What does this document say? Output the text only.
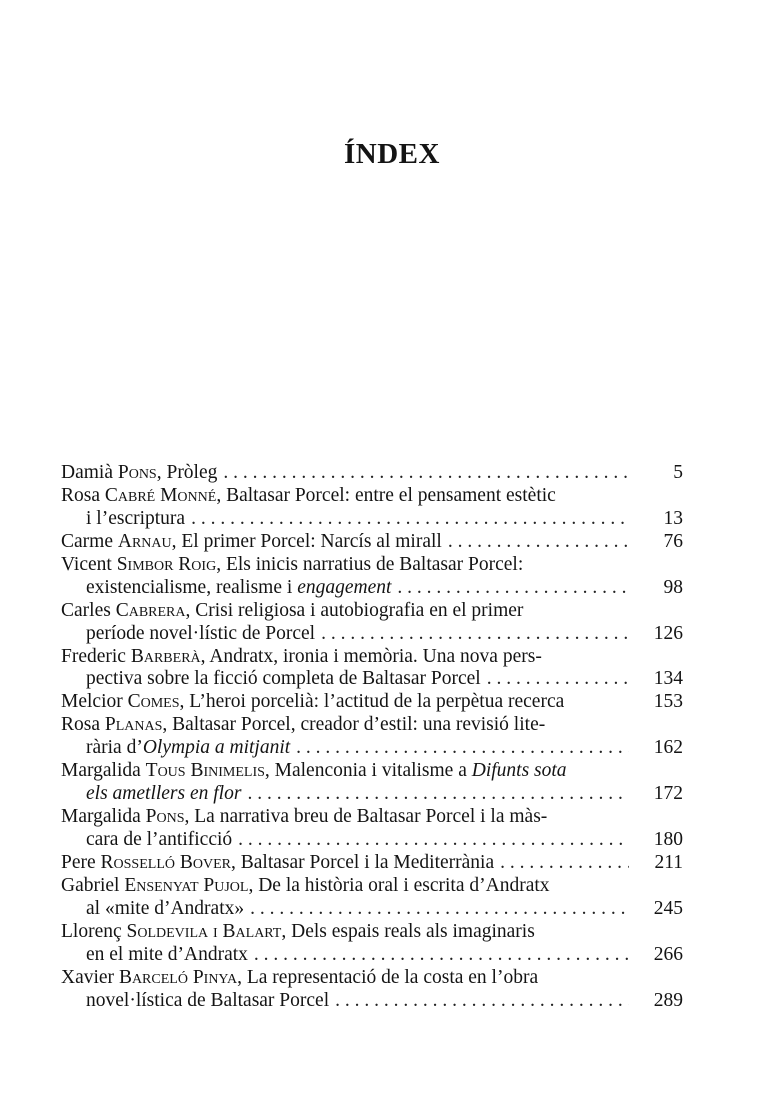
ÍNDEX
Damià Pons, Pròleg . . .	5
Rosa Cabré Monné, Baltasar Porcel: entre el pensament estètic
i l’escriptura . . .	13
Carme Arnau, El primer Porcel: Narcís al mirall . . .	76
Vicent Simbor Roig, Els inicis narratius de Baltasar Porcel:
existencialisme, realisme i engagement . . .	98
Carles Cabrera, Crisi religiosa i autobiografia en el primer
període novel·lístic de Porcel . . .	126
Frederic Barberà, Andratx, ironia i memòria. Una nova pers-
pectiva sobre la ficció completa de Baltasar Porcel . . .	134
Melcior Comes, L’heroi porcelià: l’actitud de la perpètua recerca	153
Rosa Planas, Baltasar Porcel, creador d’estil: una revisió lite-
rària d’Olympia a mitjanit . . .	162
Margalida Tous Binimelis, Malenconia i vitalisme a Difunts sota
els ametllers en flor . . .	172
Margalida Pons, La narrativa breu de Baltasar Porcel i la màs-
cara de l’antificció . . .	180
Pere Rosselló Bover, Baltasar Porcel i la Mediterrània . . .	211
Gabriel Ensenyat Pujol, De la història oral i escrita d’Andratx
al «mite d’Andratx» . . .	245
Llorenç Soldevila i Balart, Dels espais reals als imaginaris
en el mite d’Andratx . . .	266
Xavier Barceló Pinya, La representació de la costa en l’obra
novel·lística de Baltasar Porcel . . .	289
